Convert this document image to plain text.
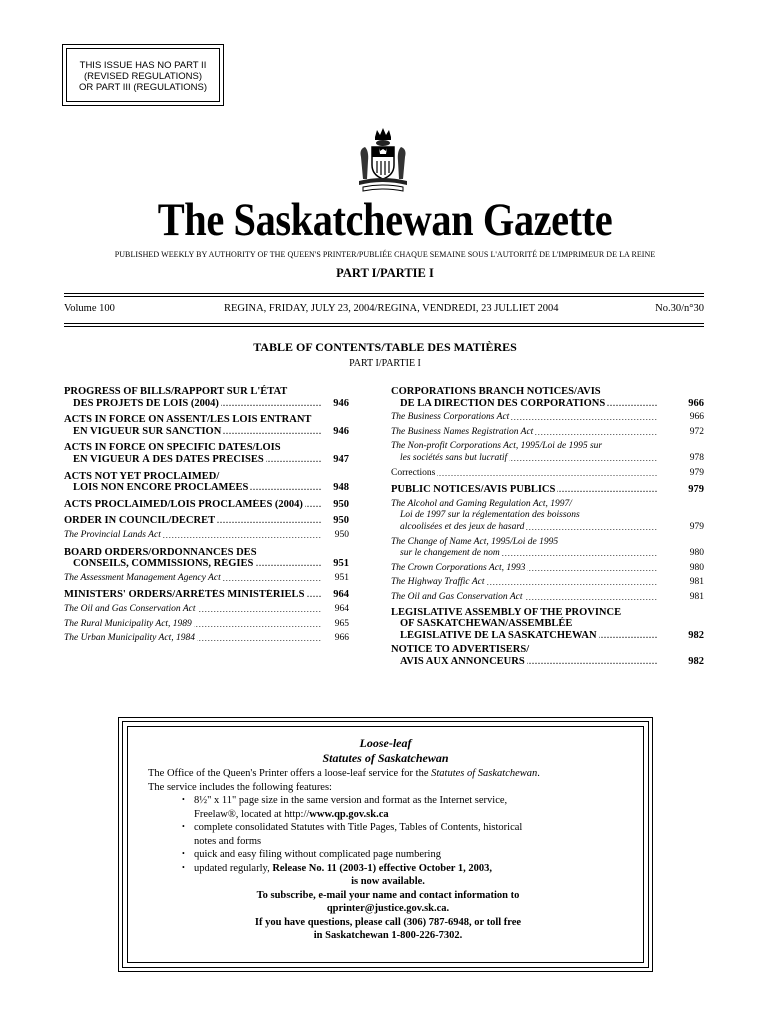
THIS ISSUE HAS NO PART II
(REVISED REGULATIONS)
OR PART III (REGULATIONS)
The Saskatchewan Gazette
PUBLISHED WEEKLY BY AUTHORITY OF THE QUEEN'S PRINTER/PUBLIÉE CHAQUE SEMAINE SOUS L'AUTORITÉ DE L'IMPRIMEUR DE LA REINE
PART I/PARTIE I
Volume 100	REGINA, FRIDAY, JULY 23, 2004/REGINA, VENDREDI, 23 JULLIET 2004	No.30/n°30
TABLE OF CONTENTS/TABLE DES MATIÈRES
PART I/PARTIE I
PROGRESS OF BILLS/RAPPORT SUR L'ÉTAT
DES PROJETS DE LOIS (2004) .....	946
ACTS IN FORCE ON ASSENT/LES LOIS ENTRANT
EN VIGUEUR SUR SANCTION .....	946
ACTS IN FORCE ON SPECIFIC DATES/LOIS
EN VIGUEUR À DES DATES PRÉCISES .....	947
ACTS NOT YET PROCLAIMED/
LOIS NON ENCORE PROCLAMÉES .....	948
ACTS PROCLAIMED/LOIS PROCLAMÉES (2004) .....	950
ORDER IN COUNCIL/DÉCRET .....	950
The Provincial Lands Act .....	950
BOARD ORDERS/ORDONNANCES DES
CONSEILS, COMMISSIONS, RÉGIES .....	951
The Assessment Management Agency Act .....	951
MINISTERS' ORDERS/ARRÊTÉS MINISTÉRIELS .....	964
The Oil and Gas Conservation Act .....	964
The Rural Municipality Act, 1989 .....	965
The Urban Municipality Act, 1984 .....	966
CORPORATIONS BRANCH NOTICES/AVIS
DE LA DIRECTION DES CORPORATIONS .....	966
The Business Corporations Act .....	966
The Business Names Registration Act .....	972
The Non-profit Corporations Act, 1995/Loi de 1995 sur
les sociétés sans but lucratif .....	978
Corrections .....	979
PUBLIC NOTICES/AVIS PUBLICS .....	979
The Alcohol and Gaming Regulation Act, 1997/
Loi de 1997 sur la réglementation des boissons
alcoolisées et des jeux de hasard .....	979
The Change of Name Act, 1995/Loi de 1995
sur le changement de nom .....	980
The Crown Corporations Act, 1993 .....	980
The Highway Traffic Act .....	981
The Oil and Gas Conservation Act .....	981
LEGISLATIVE ASSEMBLY OF THE PROVINCE
OF SASKATCHEWAN/ASSEMBLÉE
LÉGISLATIVE DE LA SASKATCHEWAN .....	982
NOTICE TO ADVERTISERS/
AVIS AUX ANNONCEURS .....	982
Loose-leaf
Statutes of Saskatchewan
The Office of the Queen's Printer offers a loose-leaf service for the Statutes of Saskatchewan.
The service includes the following features:
• 8½" x 11" page size in the same version and format as the Internet service,
Freelaw®, located at http://www.qp.gov.sk.ca
• complete consolidated Statutes with Title Pages, Tables of Contents, historical
notes and forms
• quick and easy filing without complicated page numbering
• updated regularly, Release No. 11 (2003-1) effective October 1, 2003,
is now available.
To subscribe, e-mail your name and contact information to
qprinter@justice.gov.sk.ca.
If you have questions, please call (306) 787-6948, or toll free
in Saskatchewan 1-800-226-7302.
